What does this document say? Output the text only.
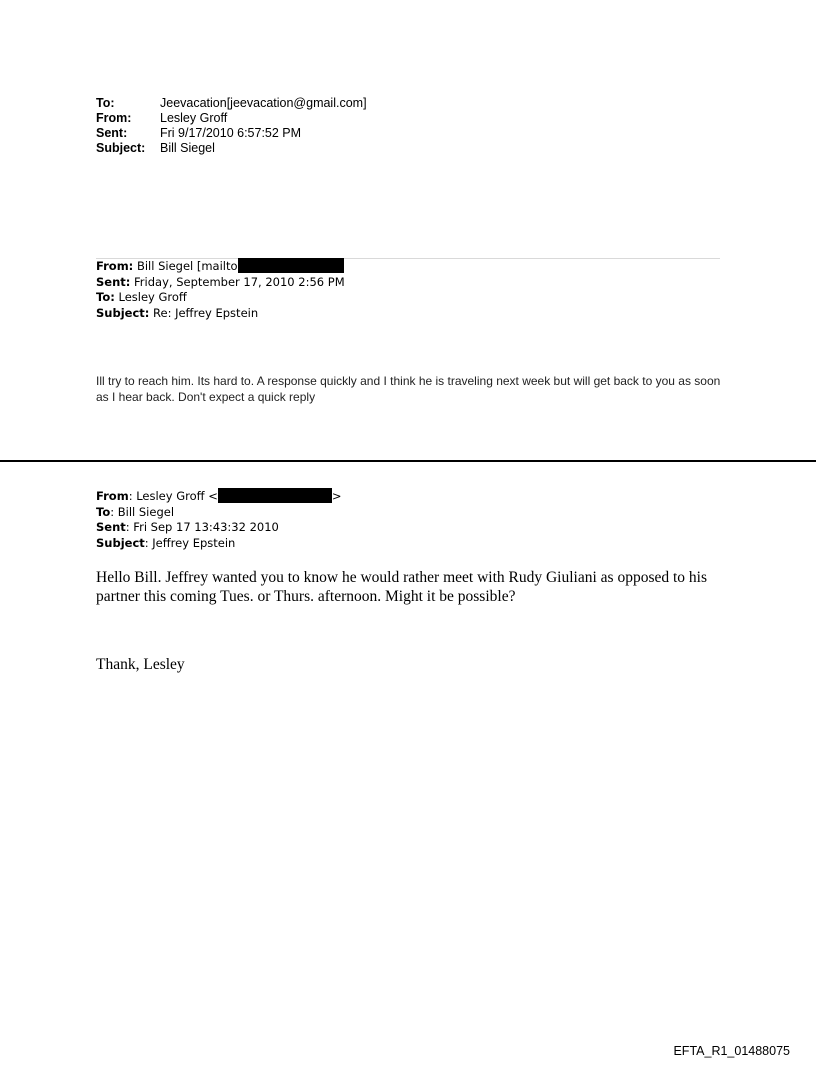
To:	Jeevacation[jeevacation@gmail.com]
From:	Lesley Groff
Sent:	Fri 9/17/2010 6:57:52 PM
Subject:	Bill Siegel
From: Bill Siegel [mailto
Sent: Friday, September 17, 2010 2:56 PM
To: Lesley Groff
Subject: Re: Jeffrey Epstein
Ill try to reach him. Its hard to. A response quickly and I think he is traveling next week but will get back to you as soon as I hear back. Don't expect a quick reply
From: Lesley Groff <	>
To: Bill Siegel
Sent: Fri Sep 17 13:43:32 2010
Subject: Jeffrey Epstein
Hello Bill. Jeffrey wanted you to know he would rather meet with Rudy Giuliani as opposed to his partner this coming Tues. or Thurs. afternoon. Might it be possible?
Thank, Lesley
EFTA_R1_01488075
